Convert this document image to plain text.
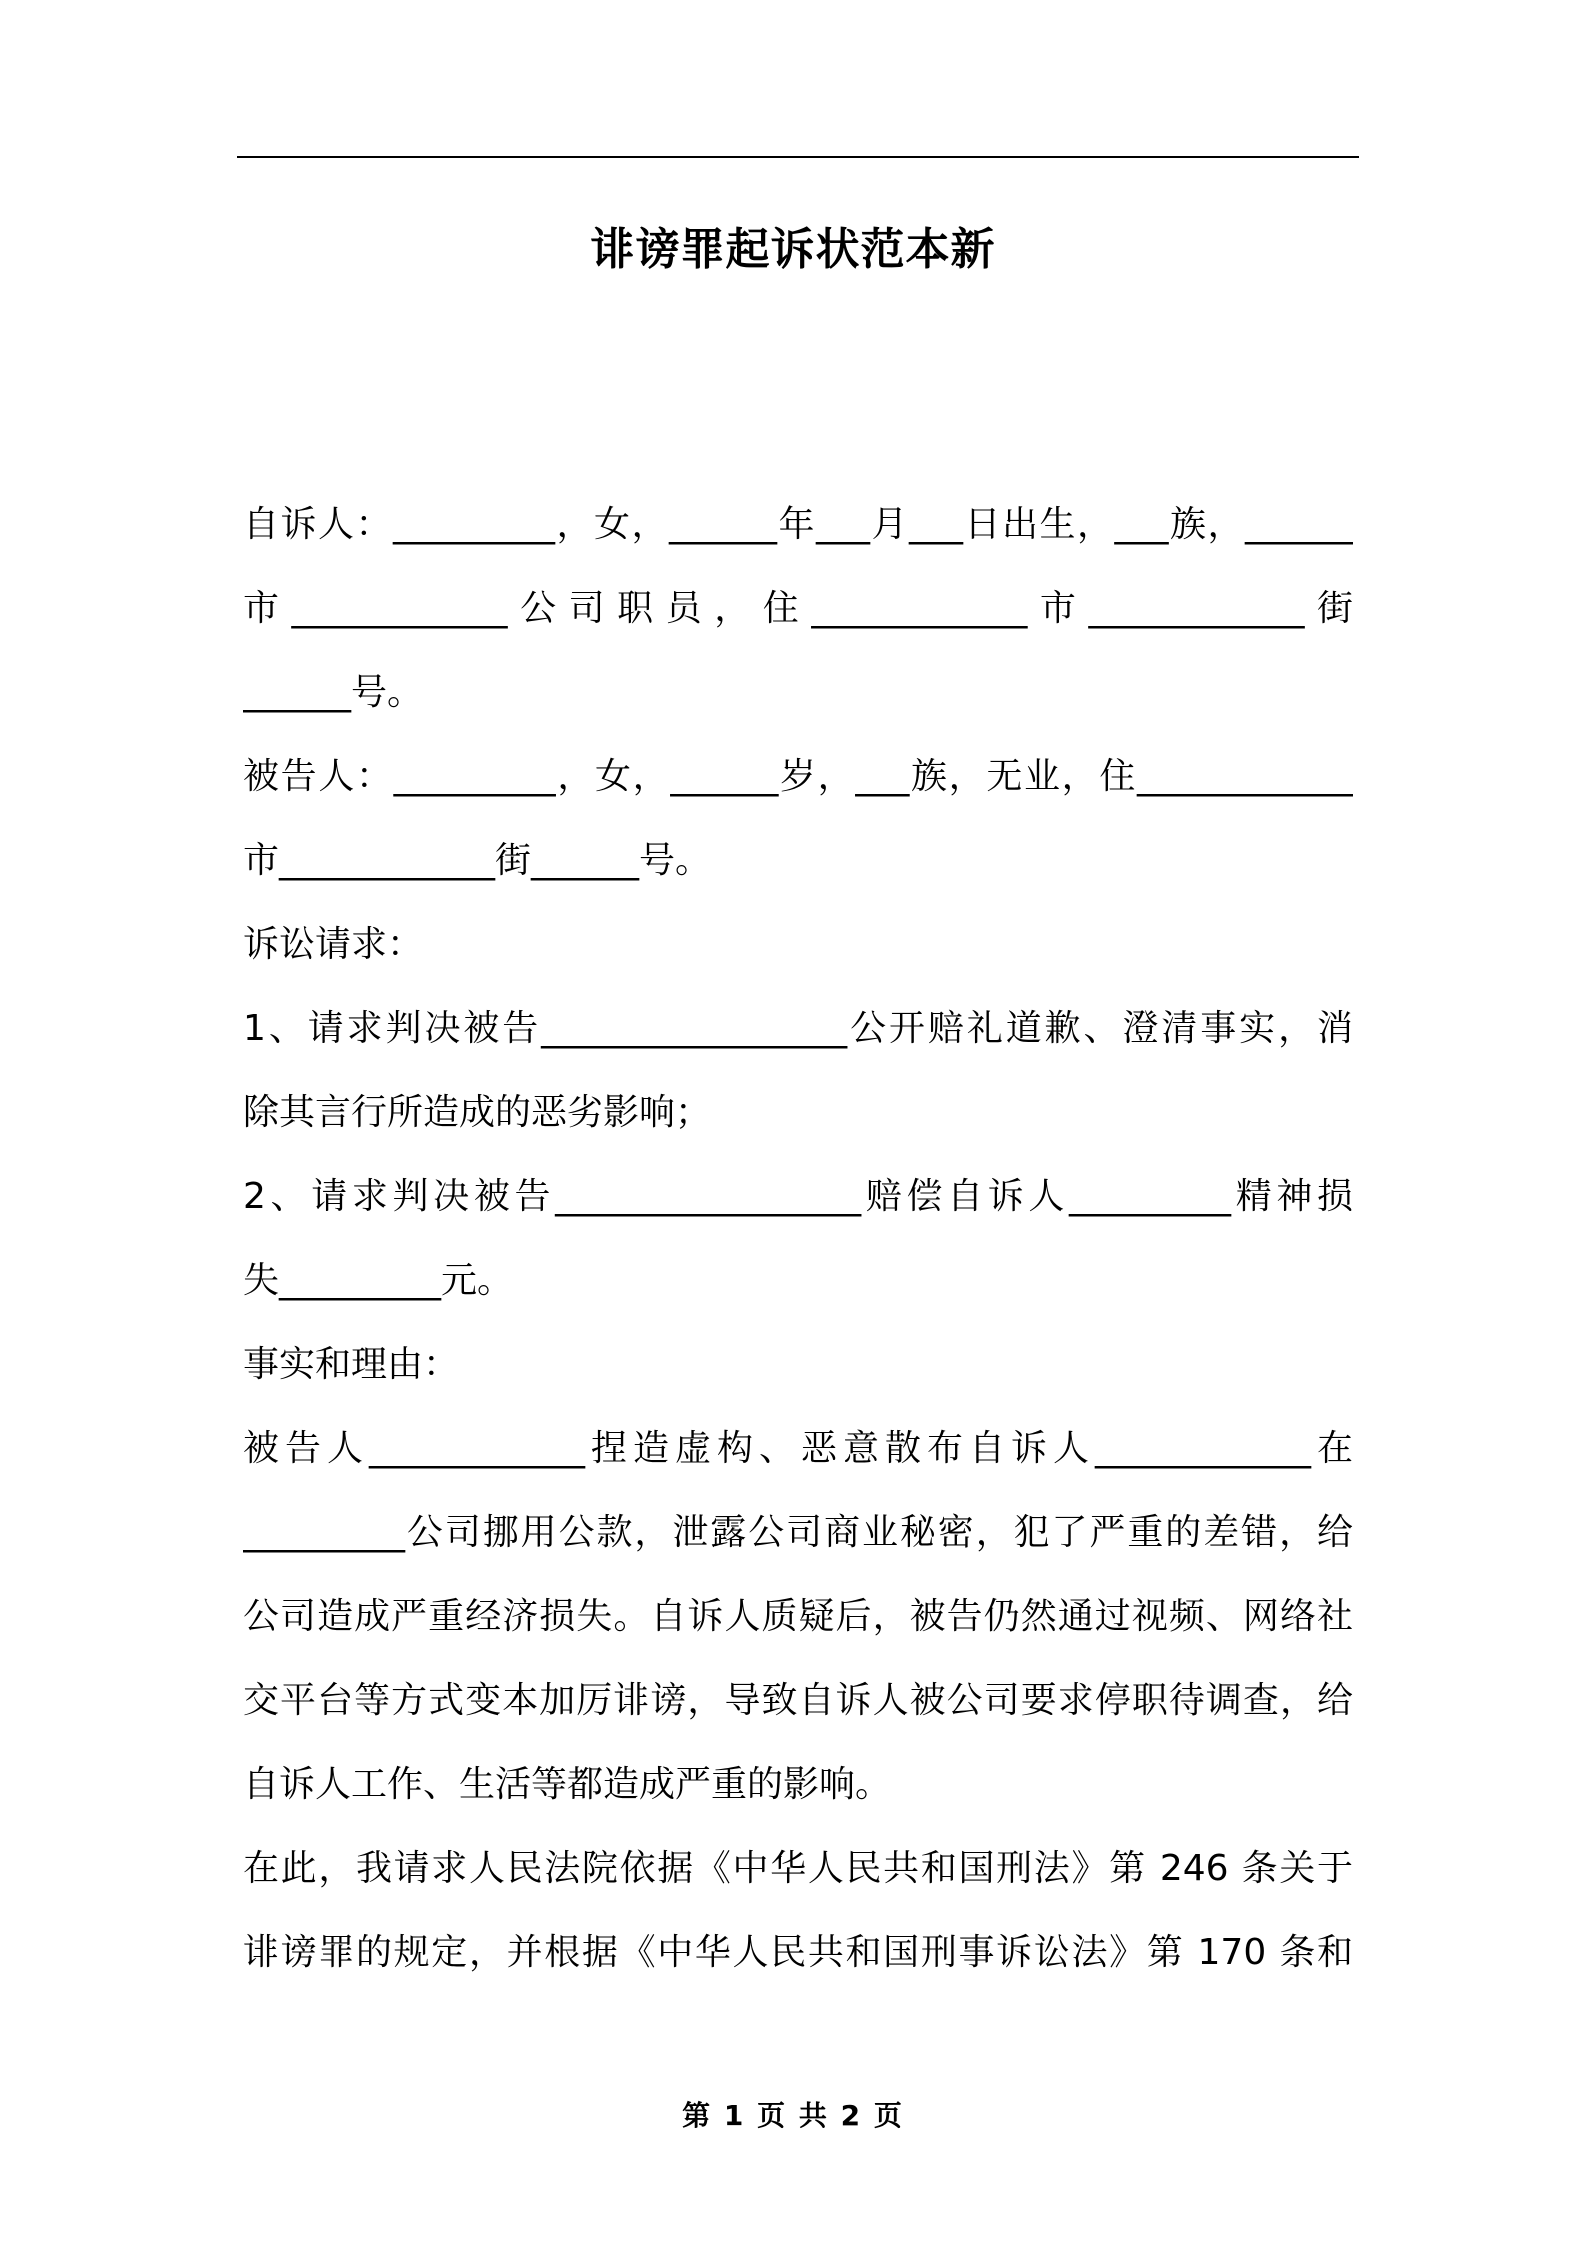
诽谤罪起诉状范本新
自诉人：_________，女，______年___月___日出生，___族，______
市____________公司职员，住____________市____________街
______号。
被告人：_________，女，______岁，___族，无业，住____________
市____________街______号。
诉讼请求：
1、请求判决被告_________________公开赔礼道歉、澄清事实，消
除其言行所造成的恶劣影响；
2、请求判决被告_________________赔偿自诉人_________精神损
失_________元。
事实和理由：
被告人____________捏造虚构、恶意散布自诉人____________在
_________公司挪用公款，泄露公司商业秘密，犯了严重的差错，给
公司造成严重经济损失。自诉人质疑后，被告仍然通过视频、网络社
交平台等方式变本加厉诽谤，导致自诉人被公司要求停职待调查，给
自诉人工作、生活等都造成严重的影响。
在此，我请求人民法院依据《中华人民共和国刑法》第 246 条关于
诽谤罪的规定，并根据《中华人民共和国刑事诉讼法》第 170 条和
第 1 页 共 2 页
